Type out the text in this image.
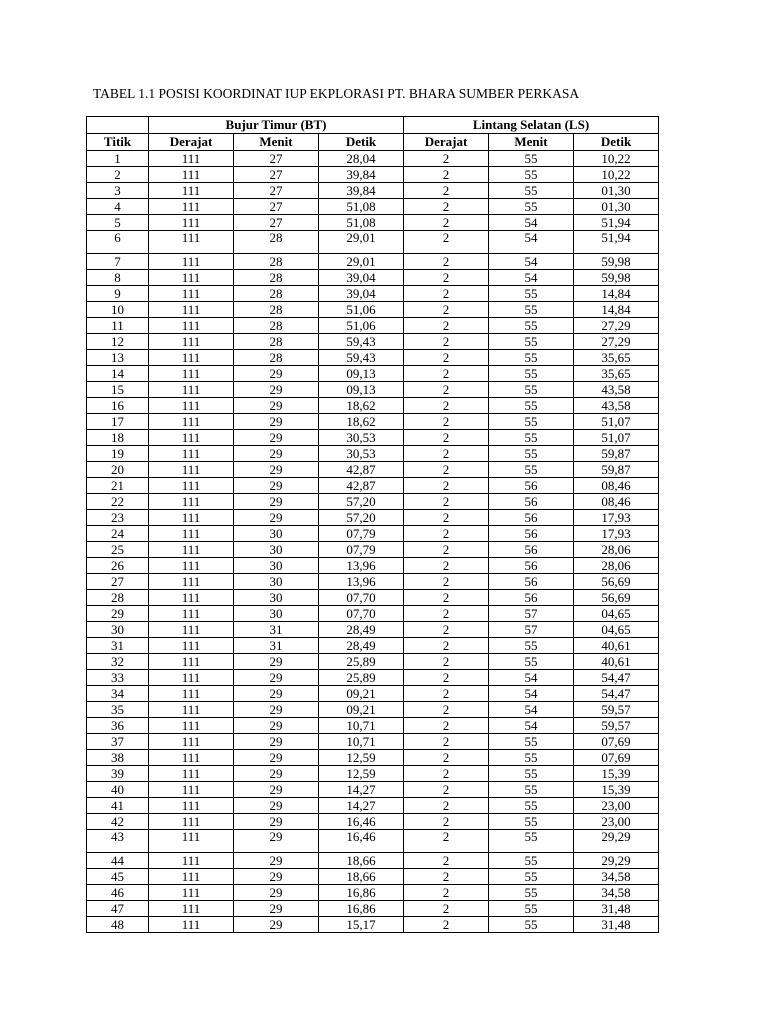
TABEL 1.1 POSISI KOORDINAT IUP EKPLORASI PT. BHARA SUMBER PERKASA
	Bujur Timur (BT)			Lintang Selatan (LS)		
Titik	Derajat	Menit	Detik	Derajat	Menit	Detik
1	111	27	28,04	2	55	10,22
2	111	27	39,84	2	55	10,22
3	111	27	39,84	2	55	01,30
4	111	27	51,08	2	55	01,30
5	111	27	51,08	2	54	51,94
6	111	28	29,01	2	54	51,94
7	111	28	29,01	2	54	59,98
8	111	28	39,04	2	54	59,98
9	111	28	39,04	2	55	14,84
10	111	28	51,06	2	55	14,84
11	111	28	51,06	2	55	27,29
12	111	28	59,43	2	55	27,29
13	111	28	59,43	2	55	35,65
14	111	29	09,13	2	55	35,65
15	111	29	09,13	2	55	43,58
16	111	29	18,62	2	55	43,58
17	111	29	18,62	2	55	51,07
18	111	29	30,53	2	55	51,07
19	111	29	30,53	2	55	59,87
20	111	29	42,87	2	55	59,87
21	111	29	42,87	2	56	08,46
22	111	29	57,20	2	56	08,46
23	111	29	57,20	2	56	17,93
24	111	30	07,79	2	56	17,93
25	111	30	07,79	2	56	28,06
26	111	30	13,96	2	56	28,06
27	111	30	13,96	2	56	56,69
28	111	30	07,70	2	56	56,69
29	111	30	07,70	2	57	04,65
30	111	31	28,49	2	57	04,65
31	111	31	28,49	2	55	40,61
32	111	29	25,89	2	55	40,61
33	111	29	25,89	2	54	54,47
34	111	29	09,21	2	54	54,47
35	111	29	09,21	2	54	59,57
36	111	29	10,71	2	54	59,57
37	111	29	10,71	2	55	07,69
38	111	29	12,59	2	55	07,69
39	111	29	12,59	2	55	15,39
40	111	29	14,27	2	55	15,39
41	111	29	14,27	2	55	23,00
42	111	29	16,46	2	55	23,00
43	111	29	16,46	2	55	29,29
44	111	29	18,66	2	55	29,29
45	111	29	18,66	2	55	34,58
46	111	29	16,86	2	55	34,58
47	111	29	16,86	2	55	31,48
48	111	29	15,17	2	55	31,48
